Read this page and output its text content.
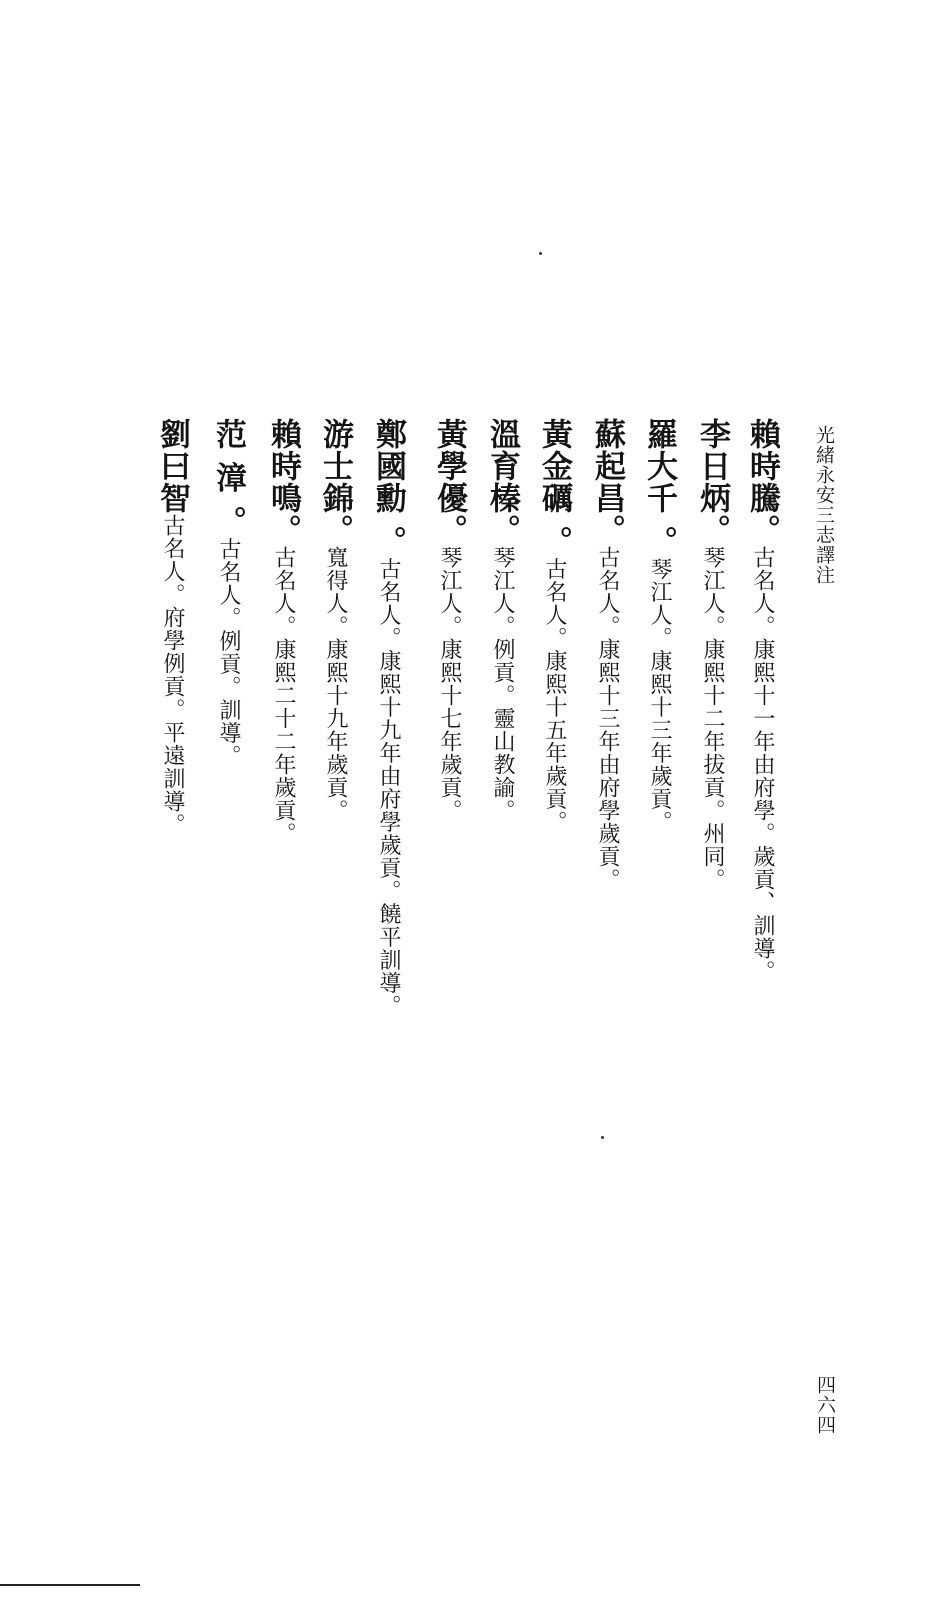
光緒永安三志譯注
賴時騰。古名人。康熙十一年由府學。歲貢、訓導。
李日炳。琴江人。康熙十二年拔貢。州同。
羅大千 。琴江人。康熙十三年歲貢。
蘇起昌。古名人。康熙十三年由府學歲貢。
黃金礪 。古名人。康熙十五年歲貢。
溫育榛。琴江人。例貢。靈山教諭。
黃學優。琴江人。康熙十七年歲貢。
鄭國勳 。古名人。康熙十九年由府學歲貢。饒平訓導。
游士錦。寬得人。康熙十九年歲貢。
賴時鳴。古名人。康熙二十二年歲貢。
范 漳 。古名人。例貢。訓導。
劉曰智古名人。府學例貢。平遠訓導。
四六四
